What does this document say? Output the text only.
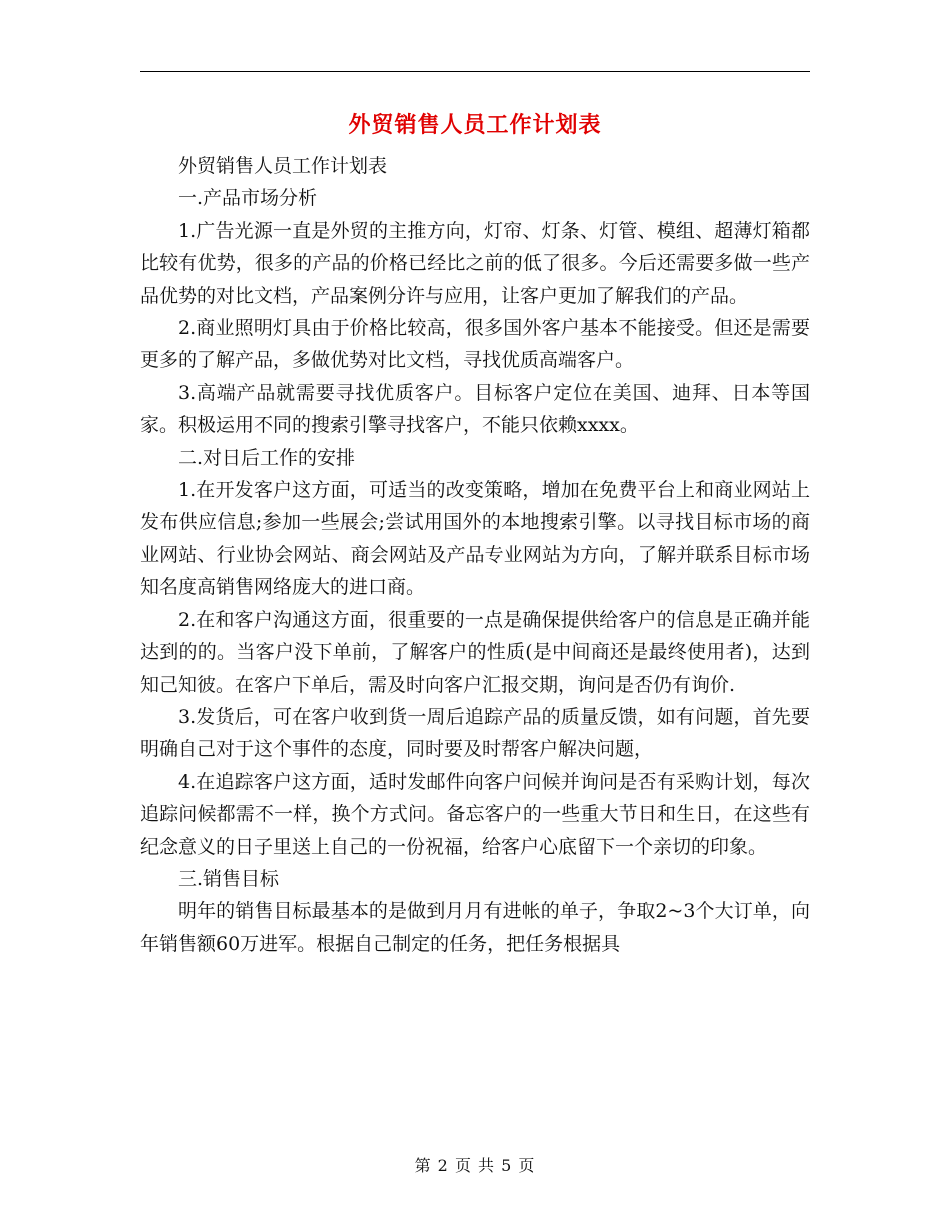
外贸销售人员工作计划表

外贸销售人员工作计划表

一.产品市场分析

1.广告光源一直是外贸的主推方向，灯帘、灯条、灯管、模组、超薄灯箱都比较有优势，很多的产品的价格已经比之前的低了很多。今后还需要多做一些产品优势的对比文档，产品案例分许与应用，让客户更加了解我们的产品。

2.商业照明灯具由于价格比较高，很多国外客户基本不能接受。但还是需要更多的了解产品，多做优势对比文档，寻找优质高端客户。

3.高端产品就需要寻找优质客户。目标客户定位在美国、迪拜、日本等国家。积极运用不同的搜索引擎寻找客户，不能只依赖xxxx。

二.对日后工作的安排

1.在开发客户这方面，可适当的改变策略，增加在免费平台上和商业网站上发布供应信息;参加一些展会;尝试用国外的本地搜索引擎。以寻找目标市场的商业网站、行业协会网站、商会网站及产品专业网站为方向，了解并联系目标市场知名度高销售网络庞大的进口商。

2.在和客户沟通这方面，很重要的一点是确保提供给客户的信息是正确并能达到的的。当客户没下单前，了解客户的性质(是中间商还是最终使用者)，达到知己知彼。在客户下单后，需及时向客户汇报交期，询问是否仍有询价.

3.发货后，可在客户收到货一周后追踪产品的质量反馈，如有问题，首先要明确自己对于这个事件的态度，同时要及时帮客户解决问题，

4.在追踪客户这方面，适时发邮件向客户问候并询问是否有采购计划，每次追踪问候都需不一样，换个方式问。备忘客户的一些重大节日和生日，在这些有纪念意义的日子里送上自己的一份祝福，给客户心底留下一个亲切的印象。

三.销售目标

明年的销售目标最基本的是做到月月有进帐的单子，争取2~3个大订单，向年销售额60万进军。根据自己制定的任务，把任务根据具

第 2 页 共 5 页
